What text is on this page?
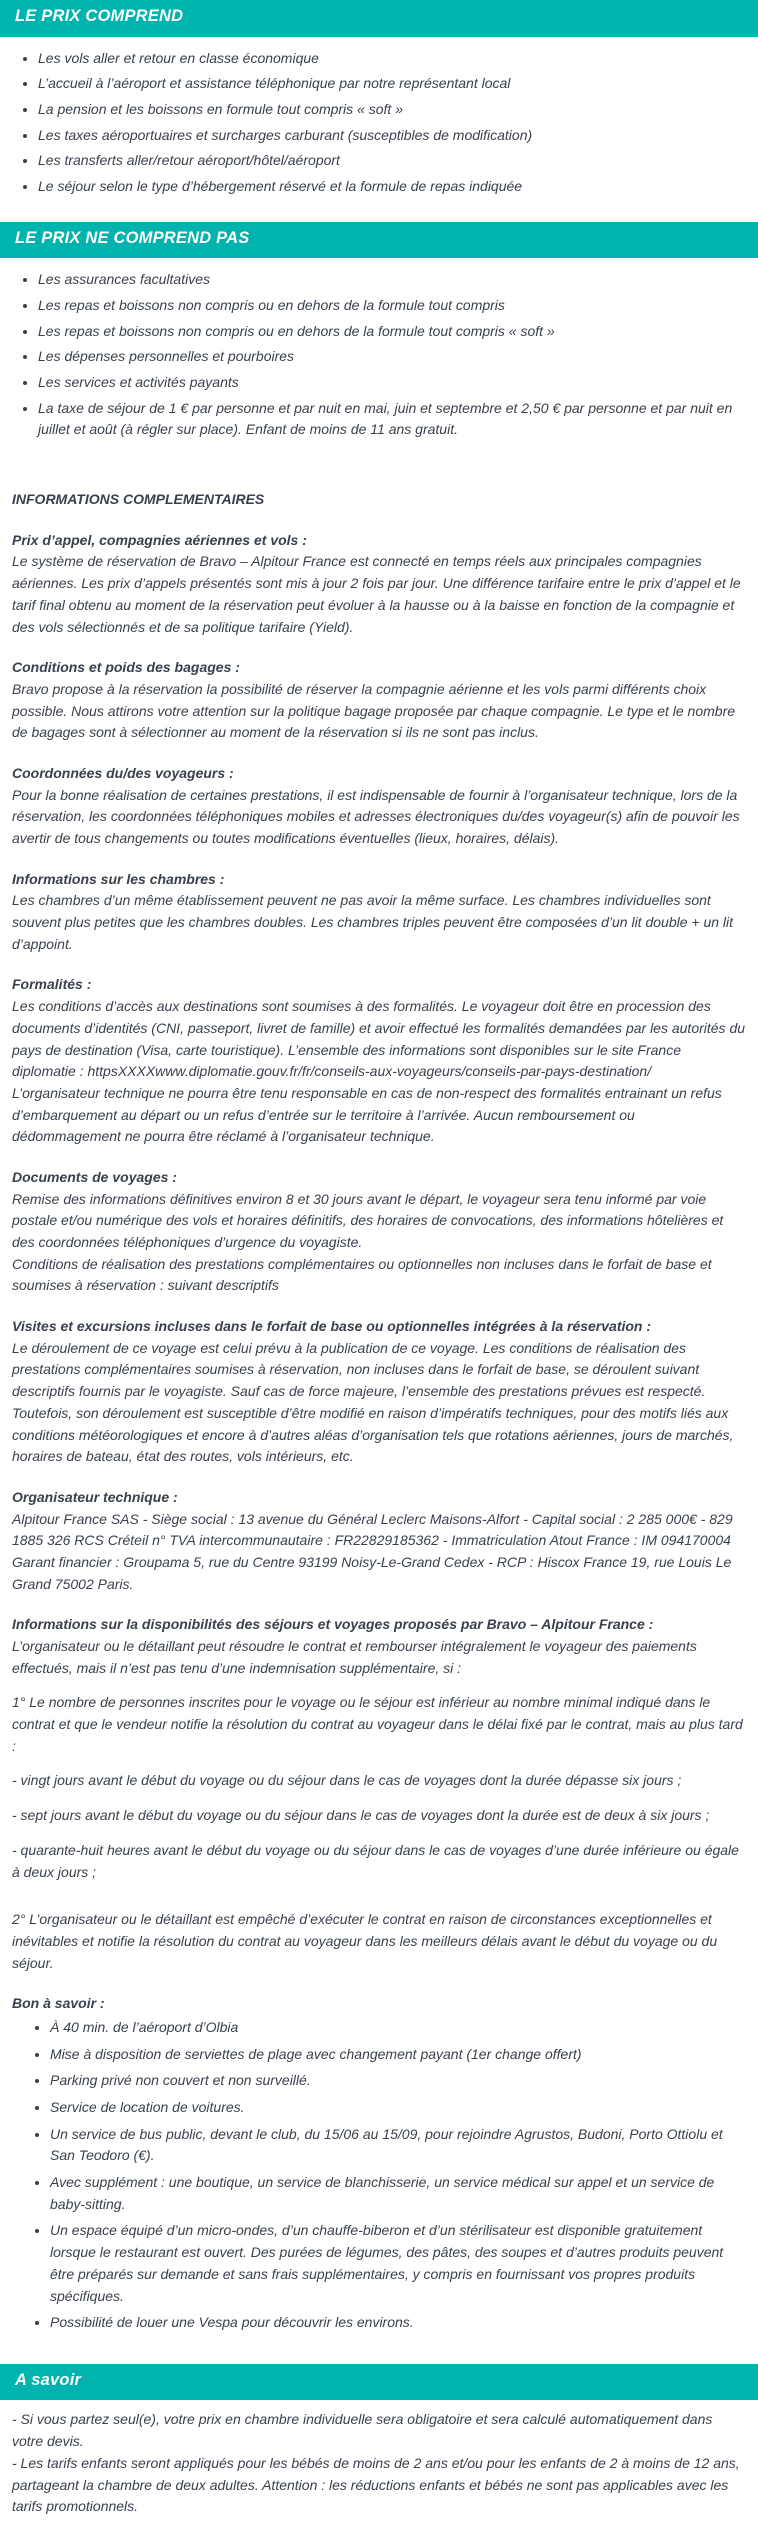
LE PRIX COMPREND
• Les vols aller et retour en classe économique
• L’accueil à l’aéroport et assistance téléphonique par notre représentant local
• La pension et les boissons en formule tout compris « soft »
• Les taxes aéroportuaires et surcharges carburant (susceptibles de modification)
• Les transferts aller/retour aéroport/hôtel/aéroport
• Le séjour selon le type d’hébergement réservé et la formule de repas indiquée
LE PRIX NE COMPREND PAS
• Les assurances facultatives
• Les repas et boissons non compris ou en dehors de la formule tout compris
• Les repas et boissons non compris ou en dehors de la formule tout compris « soft »
• Les dépenses personnelles et pourboires
• Les services et activités payants
• La taxe de séjour de 1 € par personne et par nuit en mai, juin et septembre et 2,50 € par personne et par nuit en juillet et août (à régler sur place). Enfant de moins de 11 ans gratuit.
INFORMATIONS COMPLEMENTAIRES

Prix d’appel, compagnies aériennes et vols :

Le système de réservation de Bravo – Alpitour France est connecté en temps réels aux principales compagnies aériennes. Les prix d’appels présentés sont mis à jour 2 fois par jour. Une différence tarifaire entre le prix d’appel et le tarif final obtenu au moment de la réservation peut évoluer à la hausse ou à la baisse en fonction de la compagnie et des vols sélectionnés et de sa politique tarifaire (Yield).

Conditions et poids des bagages :

Bravo propose à la réservation la possibilité de réserver la compagnie aérienne et les vols parmi différents choix possible. Nous attirons votre attention sur la politique bagage proposée par chaque compagnie. Le type et le nombre de bagages sont à sélectionner au moment de la réservation si ils ne sont pas inclus.

Coordonnées du/des voyageurs :

Pour la bonne réalisation de certaines prestations, il est indispensable de fournir à l’organisateur technique, lors de la réservation, les coordonnées téléphoniques mobiles et adresses électroniques du/des voyageur(s) afin de pouvoir les avertir de tous changements ou toutes modifications éventuelles (lieux, horaires, délais).

Informations sur les chambres :

Les chambres d’un même établissement peuvent ne pas avoir la même surface. Les chambres individuelles sont souvent plus petites que les chambres doubles. Les chambres triples peuvent être composées d’un lit double + un lit d’appoint.

Formalités :

Les conditions d’accès aux destinations sont soumises à des formalités. Le voyageur doit être en procession des documents d’identités (CNI, passeport, livret de famille) et avoir effectué les formalités demandées par les autorités du pays de destination (Visa, carte touristique). L’ensemble des informations sont disponibles sur le site France diplomatie : httpsXXXXwww.diplomatie.gouv.fr/fr/conseils-aux-voyageurs/conseils-par-pays-destination/

L’organisateur technique ne pourra être tenu responsable en cas de non-respect des formalités entrainant un refus d’embarquement au départ ou un refus d’entrée sur le territoire à l’arrivée. Aucun remboursement ou dédommagement ne pourra être réclamé à l’organisateur technique.

Documents de voyages :

Remise des informations définitives environ 8 et 30 jours avant le départ, le voyageur sera tenu informé par voie postale et/ou numérique des vols et horaires définitifs, des horaires de convocations, des informations hôtelières et des coordonnées téléphoniques d’urgence du voyagiste.

Conditions de réalisation des prestations complémentaires ou optionnelles non incluses dans le forfait de base et soumises à réservation : suivant descriptifs

Visites et excursions incluses dans le forfait de base ou optionnelles intégrées à la réservation :

Le déroulement de ce voyage est celui prévu à la publication de ce voyage. Les conditions de réalisation des prestations complémentaires soumises à réservation, non incluses dans le forfait de base, se déroulent suivant descriptifs fournis par le voyagiste. Sauf cas de force majeure, l’ensemble des prestations prévues est respecté. Toutefois, son déroulement est susceptible d’être modifié en raison d’impératifs techniques, pour des motifs liés aux conditions météorologiques et encore à d’autres aléas d’organisation tels que rotations aériennes, jours de marchés, horaires de bateau, état des routes, vols intérieurs, etc.

Organisateur technique :

Alpitour France SAS - Siège social : 13 avenue du Général Leclerc Maisons-Alfort - Capital social : 2 285 000€ - 829 1885 326 RCS Créteil n° TVA intercommunautaire : FR22829185362 - Immatriculation Atout France : IM 094170004 Garant financier : Groupama 5, rue du Centre 93199 Noisy-Le-Grand Cedex - RCP : Hiscox France 19, rue Louis Le Grand 75002 Paris.

Informations sur la disponibilités des séjours et voyages proposés par Bravo – Alpitour France :

L’organisateur ou le détaillant peut résoudre le contrat et rembourser intégralement le voyageur des paiements effectués, mais il n’est pas tenu d’une indemnisation supplémentaire, si :

1° Le nombre de personnes inscrites pour le voyage ou le séjour est inférieur au nombre minimal indiqué dans le contrat et que le vendeur notifie la résolution du contrat au voyageur dans le délai fixé par le contrat, mais au plus tard :

- vingt jours avant le début du voyage ou du séjour dans le cas de voyages dont la durée dépasse six jours ;

- sept jours avant le début du voyage ou du séjour dans le cas de voyages dont la durée est de deux à six jours ;

- quarante-huit heures avant le début du voyage ou du séjour dans le cas de voyages d’une durée inférieure ou égale à deux jours ;

2° L’organisateur ou le détaillant est empêché d’exécuter le contrat en raison de circonstances exceptionnelles et inévitables et notifie la résolution du contrat au voyageur dans les meilleurs délais avant le début du voyage ou du séjour.

Bon à savoir :

• À 40 min. de l’aéroport d’Olbia
• Mise à disposition de serviettes de plage avec changement payant (1er change offert)
• Parking privé non couvert et non surveillé.
• Service de location de voitures.
• Un service de bus public, devant le club, du 15/06 au 15/09, pour rejoindre Agrustos, Budoni, Porto Ottiolu et San Teodoro (€).
• Avec supplément : une boutique, un service de blanchisserie, un service médical sur appel et un service de baby-sitting.
• Un espace équipé d’un micro-ondes, d’un chauffe-biberon et d’un stérilisateur est disponible gratuitement lorsque le restaurant est ouvert. Des purées de légumes, des pâtes, des soupes et d’autres produits peuvent être préparés sur demande et sans frais supplémentaires, y compris en fournissant vos propres produits spécifiques.
• Possibilité de louer une Vespa pour découvrir les environs.
A savoir

- Si vous partez seul(e), votre prix en chambre individuelle sera obligatoire et sera calculé automatiquement dans votre devis.

- Les tarifs enfants seront appliqués pour les bébés de moins de 2 ans et/ou pour les enfants de 2 à moins de 12 ans, partageant la chambre de deux adultes. Attention : les réductions enfants et bébés ne sont pas applicables avec les tarifs promotionnels.
